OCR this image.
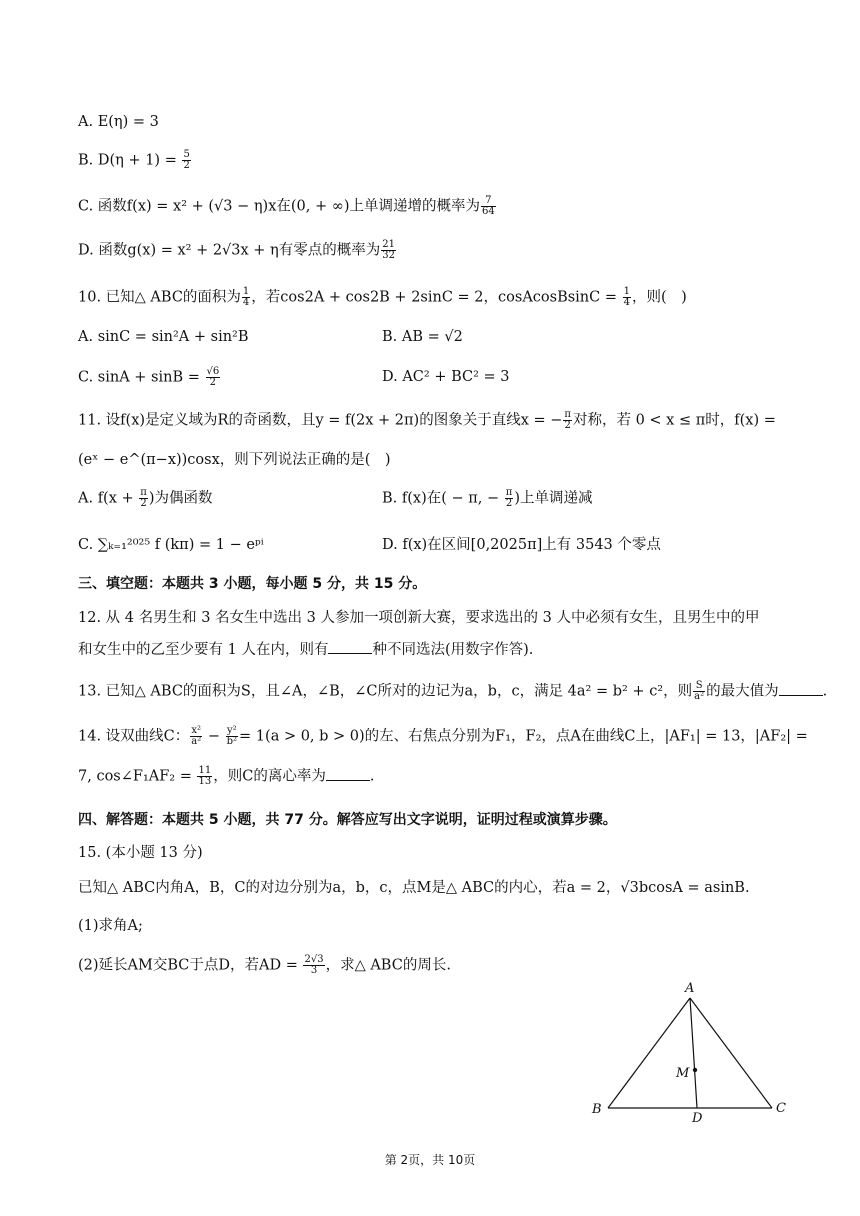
A. E(η) = 3
B. $D(\eta + 1) = \frac{5}{2}$
C. 函数f(x) = x² + (√3 − η)x在(0, + ∞)上单调递增的概率为 $\frac{7}{64}$
D. 函数g(x) = x² + 2√3x + η有零点的概率为 $\frac{21}{32}$
10. 已知△ ABC的面积为 $\frac{1}{4}$ ，若cos2A + cos2B + 2sinC = 2，cosAcosBsinC = $\frac{1}{4}$ ，则(　)
A. sinC = sin²A + sin²B	B. AB = √2
C. $\sin A + \sin B = \frac{√6}{2}$	D. AC² + BC² = 3
11. 设f(x)是定义域为R的奇函数，且y = f(2x + 2π)的图象关于直线x = − $\frac{\pi}{2}$ 对称，若 0 < x ≤ π时，f(x) =
(eˣ − e^(π−x))cosx，则下列说法正确的是(　)
A. $f(x + \frac{\pi}{2}$ )为偶函数	B. f(x)在( − π, − $\frac{\pi}{2}$ )上单调递减
C. ∑ₖ₌₁²⁰²⁵ f (kπ) = 1 − eᵖⁱ	D. f(x)在区间[0,2025π]上有 3543 个零点
三、填空题：本题共 3 小题，每小题 5 分，共 15 分。
12. 从 4 名男生和 3 名女生中选出 3 人参加一项创新大赛，要求选出的 3 人中必须有女生，且男生中的甲
和女生中的乙至少要有 1 人在内，则有	种不同选法(用数字作答).
13. 已知△ ABC的面积为S，且∠A，∠B，∠C所对的边记为a，b，c，满足 4a² = b² + c²，则 $\frac{S}{\text{a²}}$ 的最大值为	.
14. 设双曲线C： $\frac{\text{x²}}{\text{a²}} - \frac{\text{y²}}{\text{b²}} = 1(a > 0$, b > 0)的左、右焦点分别为F₁，F₂，点A在曲线C上，|AF₁| = 13，|AF₂| =
7, cos∠F₁AF₂ = $\frac{11}{13}$ ，则C的离心率为	.
四、解答题：本题共 5 小题，共 77 分。解答应写出文字说明，证明过程或演算步骤。
15. (本小题 13 分)
已知△ ABC内角A，B，C的对边分别为a，b，c，点M是△ ABC的内心，若a = 2，√3bcosA = asinB.
(1)求角A;
(2)延长AM交BC于点D，若AD = $\frac{2√3}{3}$ ，求△ ABC的周长.
A
B	C
M
D
第 2页，共 10页
